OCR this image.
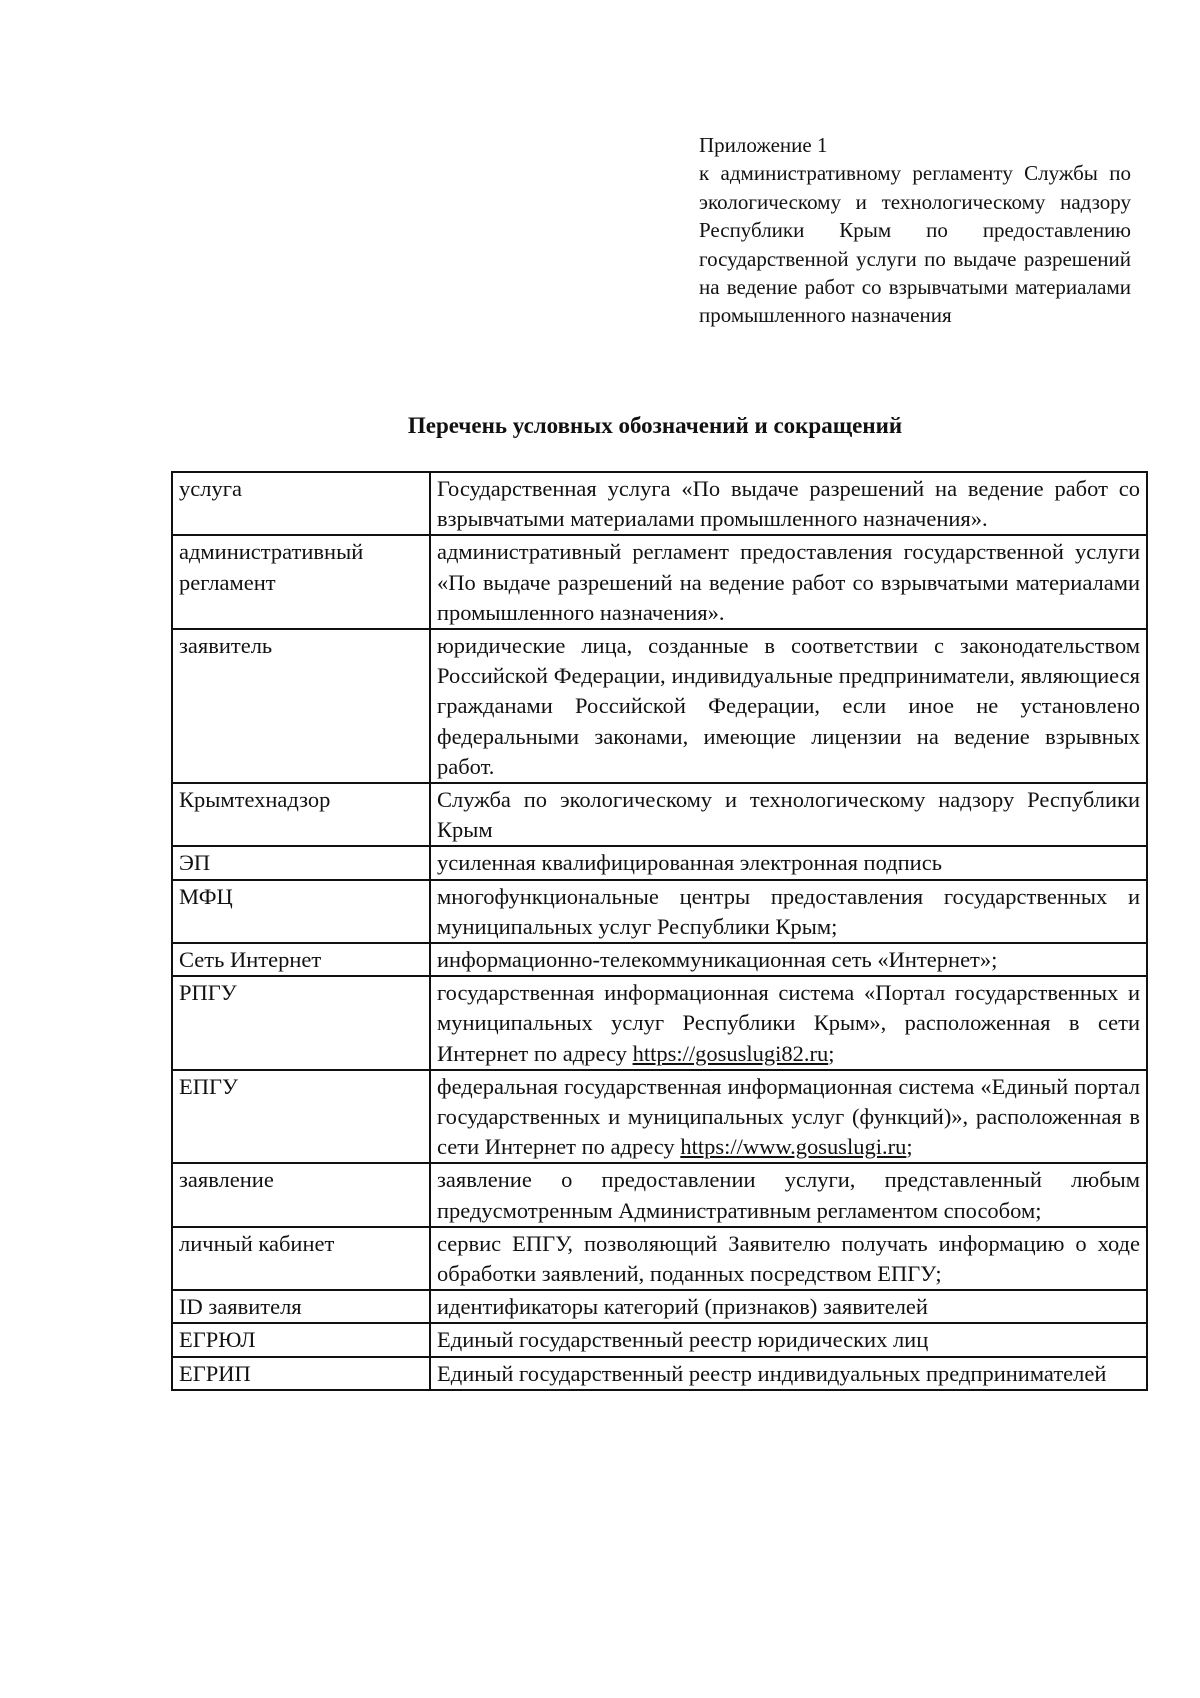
Приложение 1
к административному регламенту Службы по экологическому и технологическому надзору Республики Крым по предоставлению государственной услуги по выдаче разрешений на ведение работ со взрывчатыми материалами промышленного назначения
Перечень условных обозначений и сокращений
услуга	Государственная услуга «По выдаче разрешений на ведение работ со взрывчатыми материалами промышленного назначения».
административный регламент	административный регламент предоставления государственной услуги «По выдаче разрешений на ведение работ со взрывчатыми материалами промышленного назначения».
заявитель	юридические лица, созданные в соответствии с законодательством Российской Федерации, индивидуальные предприниматели, являющиеся гражданами Российской Федерации, если иное не установлено федеральными законами, имеющие лицензии на ведение взрывных работ.
Крымтехнадзор	Служба по экологическому и технологическому надзору Республики Крым
ЭП	усиленная квалифицированная электронная подпись
МФЦ	многофункциональные центры предоставления государственных и муниципальных услуг Республики Крым;
Сеть Интернет	информационно-телекоммуникационная сеть «Интернет»;
РПГУ	государственная информационная система «Портал государственных и муниципальных услуг Республики Крым», расположенная в сети Интернет по адресу https://gosuslugi82.ru;
ЕПГУ	федеральная государственная информационная система «Единый портал государственных и муниципальных услуг (функций)», расположенная в сети Интернет по адресу https://www.gosuslugi.ru;
заявление	заявление о предоставлении услуги, представленный любым предусмотренным Административным регламентом способом;
личный кабинет	сервис ЕПГУ, позволяющий Заявителю получать информацию о ходе обработки заявлений, поданных посредством ЕПГУ;
ID заявителя	идентификаторы категорий (признаков) заявителей
ЕГРЮЛ	Единый государственный реестр юридических лиц
ЕГРИП	Единый государственный реестр индивидуальных предпринимателей
